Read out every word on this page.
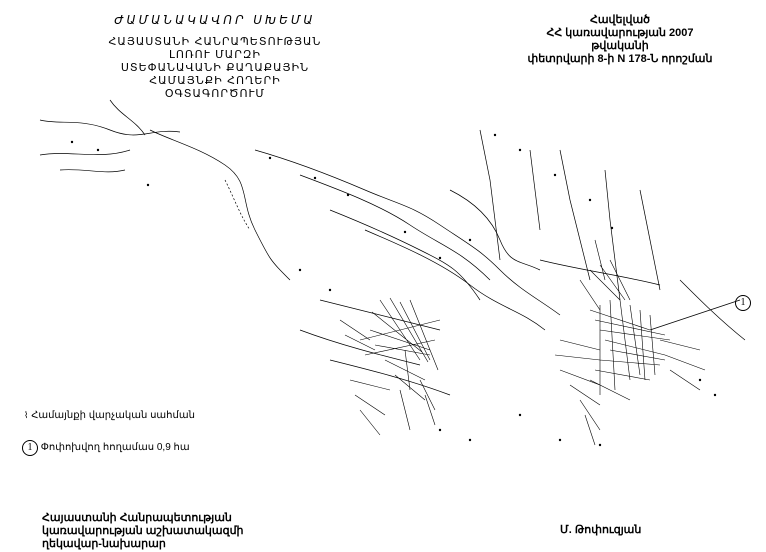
ԺԱՄԱՆԱԿԱՎՈՐ ՍԽԵՄԱ
ՀԱՅԱՍՏԱՆԻ ՀԱՆՐԱՊԵՏՈՒԹՅԱՆ ԼՈՌՈՒ ՄԱՐԶԻ
ՍՏԵՓԱՆԱՎԱՆԻ ՔԱՂԱՔԱՅԻՆ ՀԱՄԱՅՆՔԻ ՀՈՂԵՐԻ
ՕԳՏԱԳՈՐԾՈՒՄ
Հավելված
ՀՀ կառավարության 2007 թվականի
փետրվարի 8-ի N 178-Ն որոշման
1
⌇ Համայնքի վարչական սահման
1 Փոփոխվող հողամաս 0,9 հա
Հայաստանի Հանրապետության
կառավարության աշխատակազմի
ղեկավար-նախարար
Մ. Թոփուզյան
